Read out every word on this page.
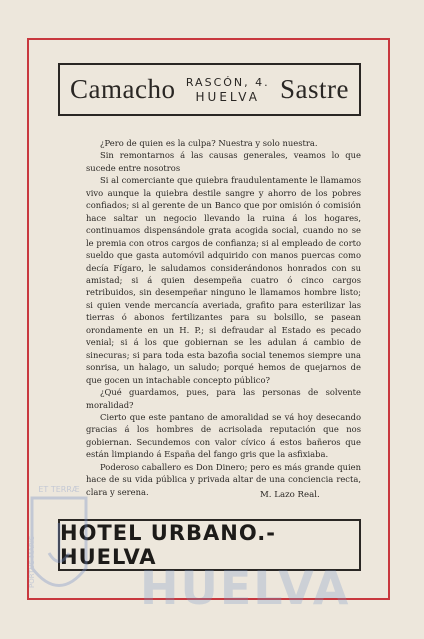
Camacho RASCÓN, 4.
HUELVA Sastre

¿Pero de quien es la culpa? Nuestra y solo nuestra.

Sin remontarnos á las causas generales, veamos lo que sucede entre nosotros

Si al comerciante que quiebra fraudulentamente le llamamos vivo aunque la quiebra destile sangre y ahorro de los pobres confiados; si al gerente de un Banco que por omisión ó comisión hace saltar un negocio llevando la ruina á los hogares, continuamos dispensándole grata acogida social, cuando no se le premia con otros cargos de confianza; si al empleado de corto sueldo que gasta automóvil adquirido con manos puercas como decía Fígaro, le saludamos considerándonos honrados con su amistad; si á quien desempeña cuatro ó cinco cargos retribuidos, sin desempeñar ninguno le llamamos hombre listo; si quien vende mercancía averiada, grafito para esterilizar las tierras ó abonos fertilizantes para su bolsillo, se pasean orondamente en un H. P.; si defraudar al Estado es pecado venial; si á los que gobiernan se les adulan á cambio de sinecuras; si para toda esta bazofia social tenemos siempre una sonrisa, un halago, un saludo; porqué hemos de quejarnos de que gocen un intachable concepto público?

¿Qué guardamos, pues, para las personas de solvente moralidad?

Cierto que este pantano de amoralidad se vá hoy desecando gracias á los hombres de acrisolada reputación que nos gobiernan. Secundemos con valor cívico á estos bañeros que están limpiando á España del fango gris que la asfixiaba.

Poderoso caballero es Don Dinero; pero es más grande quien hace de su vida pública y privada altar de una conciencia recta, clara y serena.	M. Lazo Real.
HOTEL URBANO.-HUELVA
ET TERRÆ
PORTUS MARIS HUELVA
